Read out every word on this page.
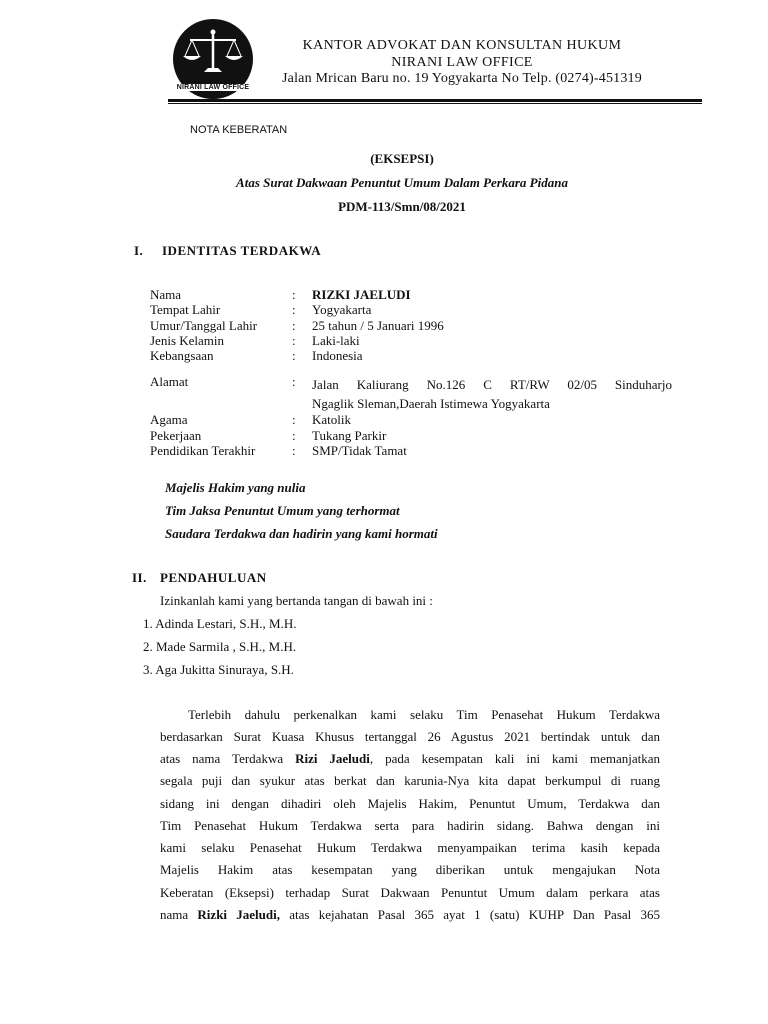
NIRANI LAW OFFICE
KANTOR ADVOKAT DAN KONSULTAN HUKUM
NIRANI LAW OFFICE
Jalan Mrican Baru no. 19 Yogyakarta No Telp. (0274)-451319
NOTA KEBERATAN
(EKSEPSI)
Atas Surat Dakwaan Penuntut Umum Dalam Perkara Pidana
PDM-113/Smn/08/2021
I. IDENTITAS TERDAKWA
Nama	: RIZKI JAELUDI
Tempat Lahir	: Yogyakarta
Umur/Tanggal Lahir	: 25 tahun / 5 Januari 1996
Jenis Kelamin	: Laki-laki
Kebangsaan	: Indonesia
Alamat	: Jalan Kaliurang No.126 C RT/RW 02/05 Sinduharjo
Ngaglik Sleman,Daerah Istimewa Yogyakarta
Agama	: Katolik
Pekerjaan	: Tukang Parkir
Pendidikan Terakhir	: SMP/Tidak Tamat
Majelis Hakim yang nulia
Tim Jaksa Penuntut Umum yang terhormat
Saudara Terdakwa dan hadirin yang kami hormati
II. PENDAHULUAN
Izinkanlah kami yang bertanda tangan di bawah ini :
1. Adinda Lestari, S.H., M.H.
2. Made Sarmila , S.H., M.H.
3. Aga Jukitta Sinuraya, S.H.
Terlebih dahulu perkenalkan kami selaku Tim Penasehat Hukum Terdakwa
berdasarkan Surat Kuasa Khusus tertanggal 26 Agustus 2021 bertindak untuk dan
atas nama Terdakwa Rizi Jaeludi, pada kesempatan kali ini kami memanjatkan
segala puji dan syukur atas berkat dan karunia-Nya kita dapat berkumpul di ruang
sidang ini dengan dihadiri oleh Majelis Hakim, Penuntut Umum, Terdakwa dan
Tim Penasehat Hukum Terdakwa serta para hadirin sidang. Bahwa dengan ini
kami selaku Penasehat Hukum Terdakwa menyampaikan terima kasih kepada
Majelis Hakim atas kesempatan yang diberikan untuk mengajukan Nota
Keberatan (Eksepsi) terhadap Surat Dakwaan Penuntut Umum dalam perkara atas
nama Rizki Jaeludi, atas kejahatan Pasal 365 ayat 1 (satu) KUHP Dan Pasal 365
